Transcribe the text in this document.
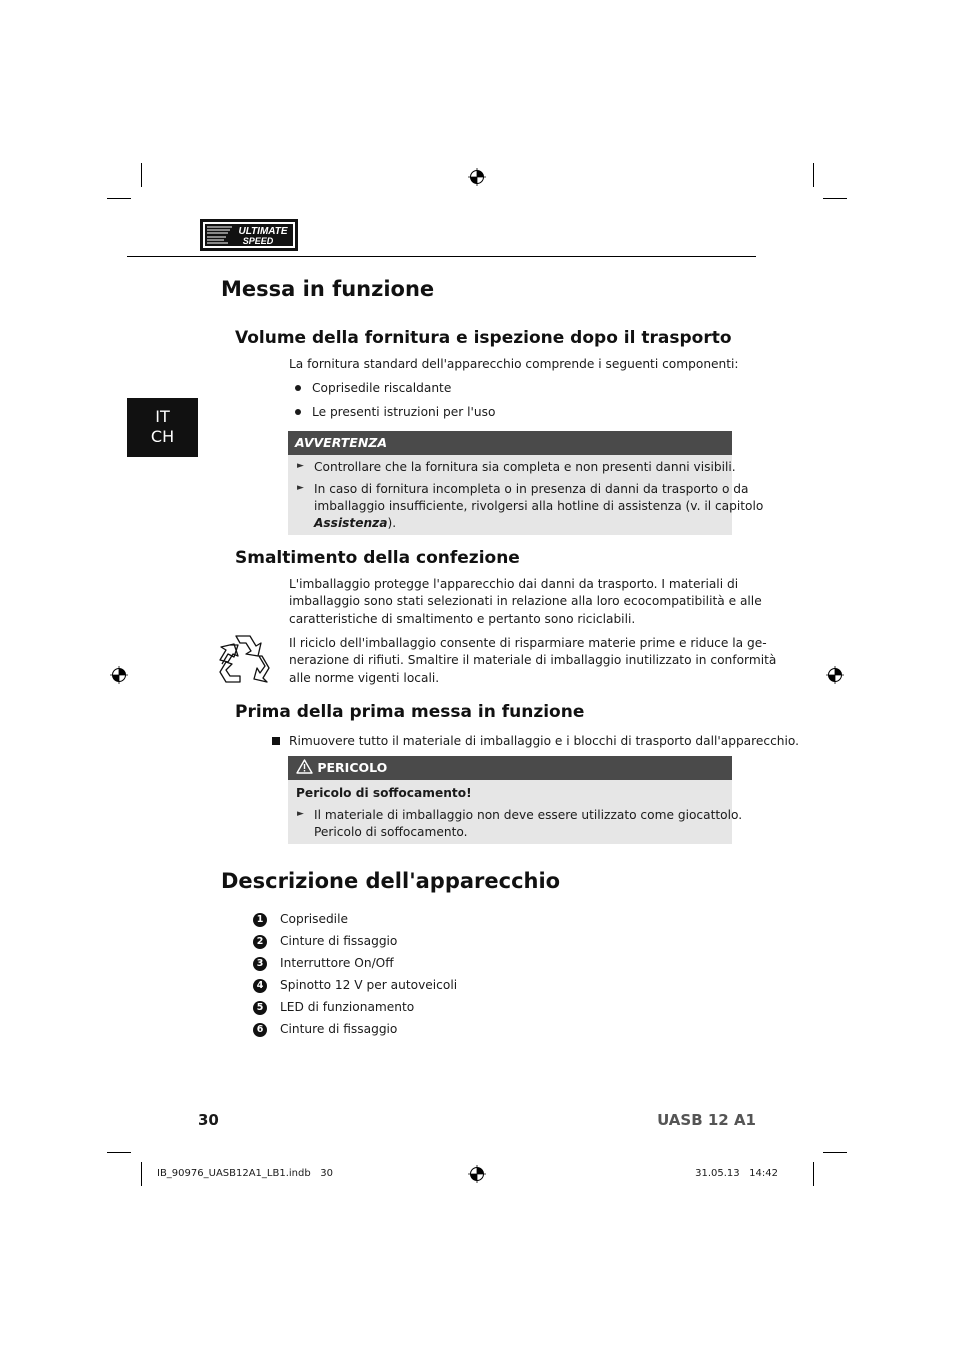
ULTIMATE
SPEED
IT
CH
Messa in funzione
Volume della fornitura e ispezione dopo il trasporto
La fornitura standard dell'apparecchio comprende i seguenti componenti:
Coprisedile riscaldante
Le presenti istruzioni per l'uso
AVVERTENZA
► Controllare che la fornitura sia completa e non presenti danni visibili.
► In caso di fornitura incompleta o in presenza di danni da trasporto o da
imballaggio insufficiente, rivolgersi alla hotline di assistenza (v. il capitolo
Assistenza).
Smaltimento della confezione
L'imballaggio protegge l'apparecchio dai danni da trasporto. I materiali di
imballaggio sono stati selezionati in relazione alla loro ecocompatibilità e alle
caratteristiche di smaltimento e pertanto sono riciclabili.
Il riciclo dell'imballaggio consente di risparmiare materie prime e riduce la ge-
nerazione di rifiuti. Smaltire il materiale di imballaggio inutilizzato in conformità
alle norme vigenti locali.
Prima della prima messa in funzione
Rimuovere tutto il materiale di imballaggio e i blocchi di trasporto dall'apparecchio.
PERICOLO
Pericolo di soffocamento!
► Il materiale di imballaggio non deve essere utilizzato come giocattolo.
Pericolo di soffocamento.
Descrizione dell'apparecchio
1	Coprisedile
2	Cinture di fissaggio
3	Interruttore On/Off
4	Spinotto 12 V per autoveicoli
5	LED di funzionamento
6	Cinture di fissaggio
30	UASB 12 A1
IB_90976_UASB12A1_LB1.indb   30	31.05.13   14:42
